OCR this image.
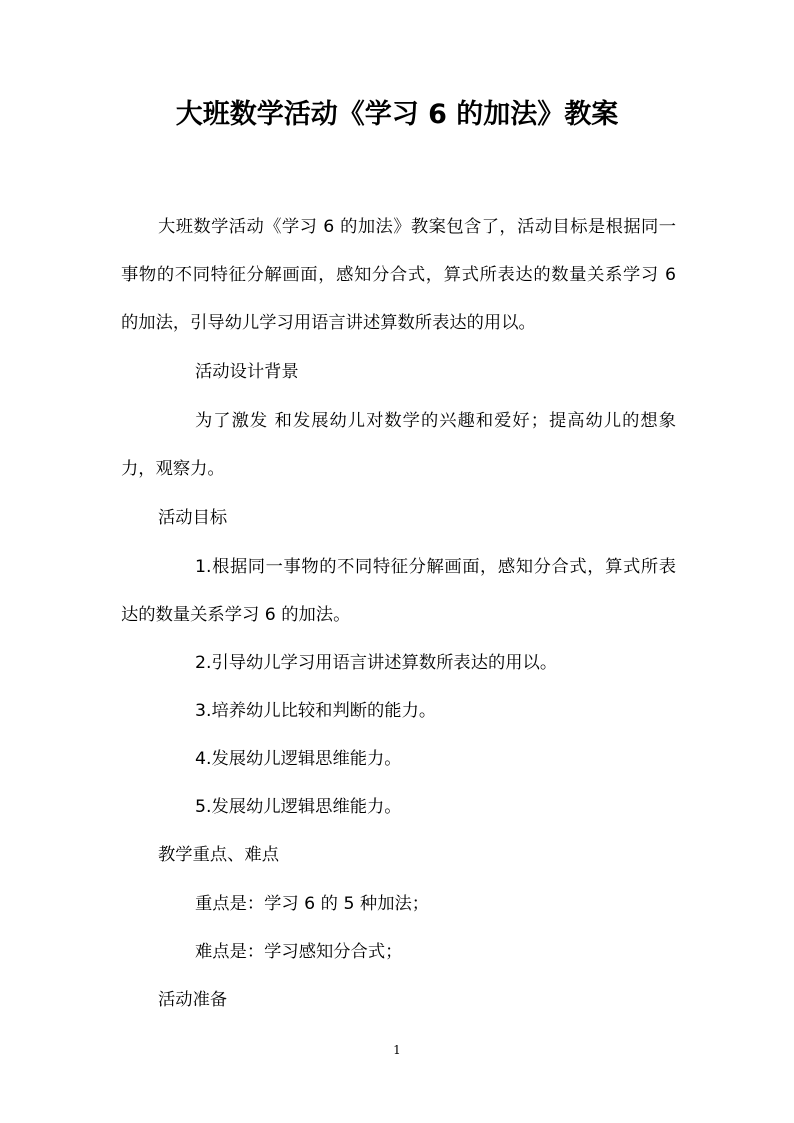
大班数学活动《学习 6 的加法》教案
大班数学活动《学习 6 的加法》教案包含了，活动目标是根据同一事物的不同特征分解画面，感知分合式，算式所表达的数量关系学习 6 的加法，引导幼儿学习用语言讲述算数所表达的用以。
活动设计背景
为了激发 和发展幼儿对数学的兴趣和爱好；提高幼儿的想象力，观察力。
活动目标
1.根据同一事物的不同特征分解画面，感知分合式，算式所表达的数量关系学习 6 的加法。
2.引导幼儿学习用语言讲述算数所表达的用以。
3.培养幼儿比较和判断的能力。
4.发展幼儿逻辑思维能力。
5.发展幼儿逻辑思维能力。
教学重点、难点
重点是：学习 6 的 5 种加法；
难点是：学习感知分合式；
活动准备
1
